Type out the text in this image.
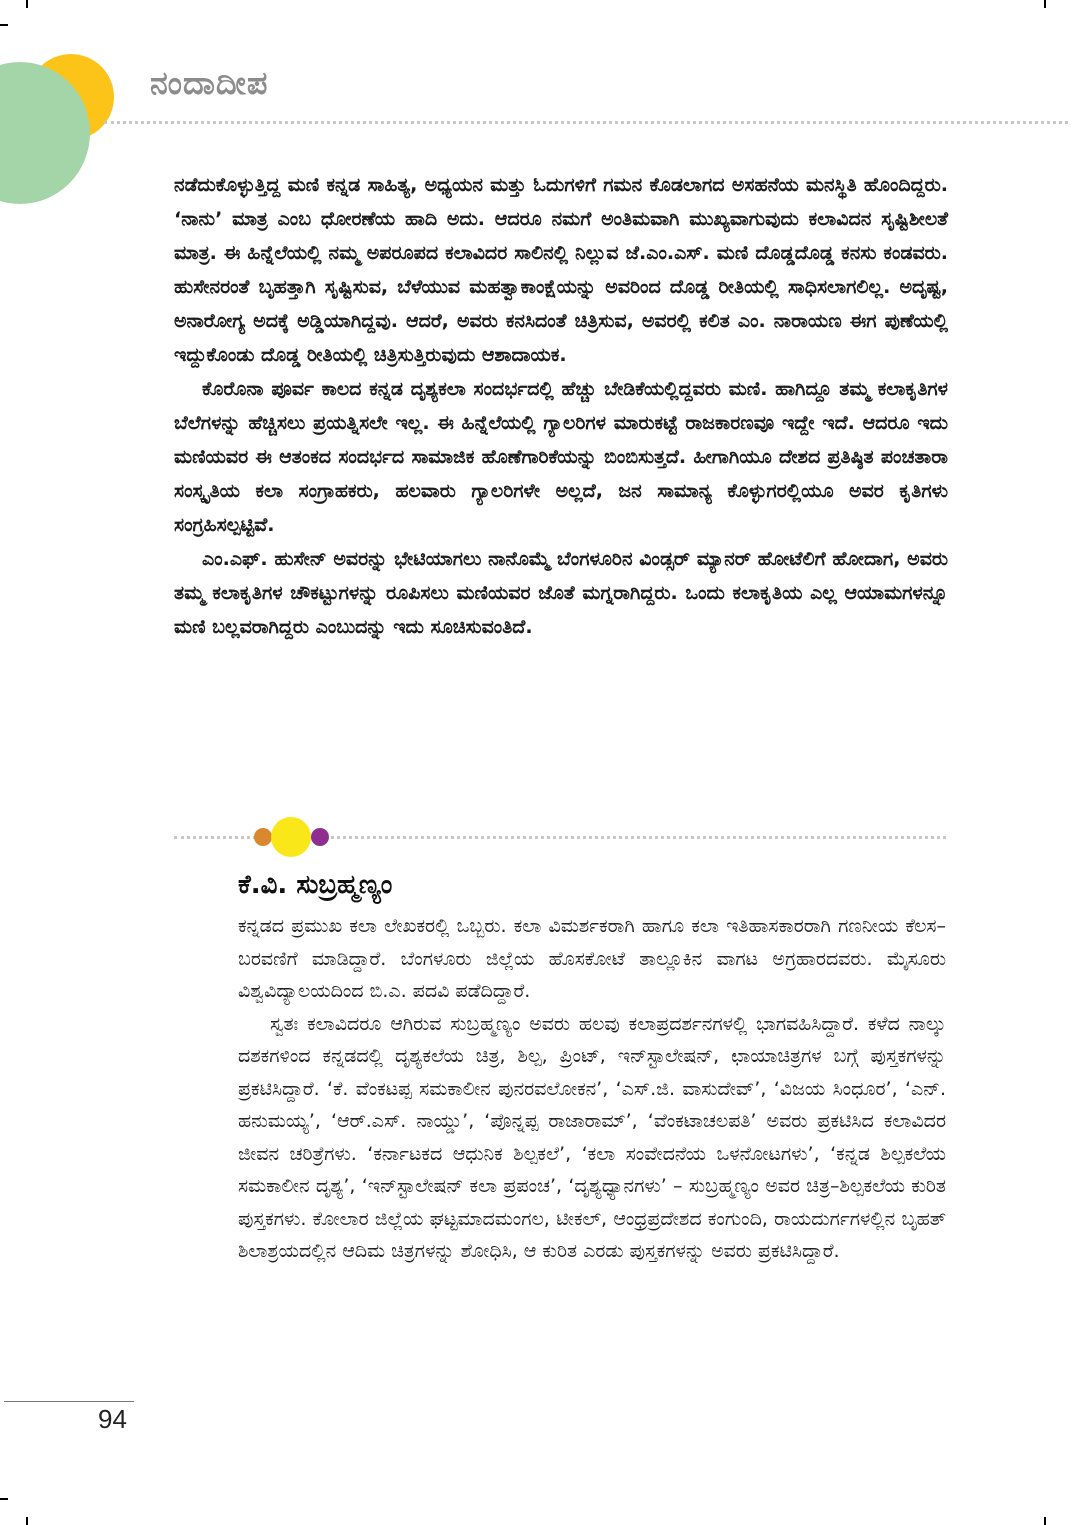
ನಂದಾದೀಪ

ನಡೆದುಕೊಳ್ಳುತ್ತಿದ್ದ ಮಣಿ ಕನ್ನಡ ಸಾಹಿತ್ಯ, ಅಧ್ಯಯನ ಮತ್ತು ಓದುಗಳಿಗೆ ಗಮನ ಕೊಡಲಾಗದ ಅಸಹನೆಯ ಮನಸ್ಥಿತಿ ಹೊಂದಿದ್ದರು. ‘ನಾನು’ ಮಾತ್ರ ಎಂಬ ಧೋರಣೆಯ ಹಾದಿ ಅದು. ಆದರೂ ನಮಗೆ ಅಂತಿಮವಾಗಿ ಮುಖ್ಯವಾಗುವುದು ಕಲಾವಿದನ ಸೃಷ್ಟಿಶೀಲತೆ ಮಾತ್ರ. ಈ ಹಿನ್ನೆಲೆಯಲ್ಲಿ ನಮ್ಮ ಅಪರೂಪದ ಕಲಾವಿದರ ಸಾಲಿನಲ್ಲಿ ನಿಲ್ಲುವ ಜೆ.ಎಂ.ಎಸ್. ಮಣಿ ದೊಡ್ಡದೊಡ್ಡ ಕನಸು ಕಂಡವರು. ಹುಸೇನರಂತೆ ಬೃಹತ್ತಾಗಿ ಸೃಷ್ಟಿಸುವ, ಬೆಳೆಯುವ ಮಹತ್ವಾಕಾಂಕ್ಷೆಯನ್ನು ಅವರಿಂದ ದೊಡ್ಡ ರೀತಿಯಲ್ಲಿ ಸಾಧಿಸಲಾಗಲಿಲ್ಲ. ಅದೃಷ್ಟ, ಅನಾರೋಗ್ಯ ಅದಕ್ಕೆ ಅಡ್ಡಿಯಾಗಿದ್ದವು. ಆದರೆ, ಅವರು ಕನಸಿದಂತೆ ಚಿತ್ರಿಸುವ, ಅವರಲ್ಲಿ ಕಲಿತ ಎಂ. ನಾರಾಯಣ ಈಗ ಪುಣೆಯಲ್ಲಿ ಇದ್ದುಕೊಂಡು ದೊಡ್ಡ ರೀತಿಯಲ್ಲಿ ಚಿತ್ರಿಸುತ್ತಿರುವುದು ಆಶಾದಾಯಕ.

ಕೊರೊನಾ ಪೂರ್ವ ಕಾಲದ ಕನ್ನಡ ದೃಶ್ಯಕಲಾ ಸಂದರ್ಭದಲ್ಲಿ ಹೆಚ್ಚು ಬೇಡಿಕೆಯಲ್ಲಿದ್ದವರು ಮಣಿ. ಹಾಗಿದ್ದೂ ತಮ್ಮ ಕಲಾಕೃತಿಗಳ ಬೆಲೆಗಳನ್ನು ಹೆಚ್ಚಿಸಲು ಪ್ರಯತ್ನಿಸಲೇ ಇಲ್ಲ. ಈ ಹಿನ್ನೆಲೆಯಲ್ಲಿ ಗ್ಯಾಲರಿಗಳ ಮಾರುಕಟ್ಟೆ ರಾಜಕಾರಣವೂ ಇದ್ದೇ ಇದೆ. ಆದರೂ ಇದು ಮಣಿಯವರ ಈ ಆತಂಕದ ಸಂದರ್ಭದ ಸಾಮಾಜಿಕ ಹೊಣೆಗಾರಿಕೆಯನ್ನು ಬಿಂಬಿಸುತ್ತದೆ. ಹೀಗಾಗಿಯೂ ದೇಶದ ಪ್ರತಿಷ್ಠಿತ ಪಂಚತಾರಾ ಸಂಸ್ಕೃತಿಯ ಕಲಾ ಸಂಗ್ರಾಹಕರು, ಹಲವಾರು ಗ್ಯಾಲರಿಗಳೇ ಅಲ್ಲದೆ, ಜನ ಸಾಮಾನ್ಯ ಕೊಳ್ಳುಗರಲ್ಲಿಯೂ ಅವರ ಕೃತಿಗಳು ಸಂಗ್ರಹಿಸಲ್ಪಟ್ಟಿವೆ.

ಎಂ.ಎಫ್. ಹುಸೇನ್ ಅವರನ್ನು ಭೇಟಿಯಾಗಲು ನಾನೊಮ್ಮೆ ಬೆಂಗಳೂರಿನ ವಿಂಡ್ಸರ್ ಮ್ಯಾನರ್ ಹೋಟೆಲಿಗೆ ಹೋದಾಗ, ಅವರು ತಮ್ಮ ಕಲಾಕೃತಿಗಳ ಚೌಕಟ್ಟುಗಳನ್ನು ರೂಪಿಸಲು ಮಣಿಯವರ ಜೊತೆ ಮಗ್ನರಾಗಿದ್ದರು. ಒಂದು ಕಲಾಕೃತಿಯ ಎಲ್ಲ ಆಯಾಮಗಳನ್ನೂ ಮಣಿ ಬಲ್ಲವರಾಗಿದ್ದರು ಎಂಬುದನ್ನು ಇದು ಸೂಚಿಸುವಂತಿದೆ.

ಕೆ.ವಿ. ಸುಬ್ರಹ್ಮಣ್ಯಂ

ಕನ್ನಡದ ಪ್ರಮುಖ ಕಲಾ ಲೇಖಕರಲ್ಲಿ ಒಬ್ಬರು. ಕಲಾ ವಿಮರ್ಶಕರಾಗಿ ಹಾಗೂ ಕಲಾ ಇತಿಹಾಸಕಾರರಾಗಿ ಗಣನೀಯ ಕೆಲಸ–ಬರವಣಿಗೆ ಮಾಡಿದ್ದಾರೆ. ಬೆಂಗಳೂರು ಜಿಲ್ಲೆಯ ಹೊಸಕೋಟೆ ತಾಲ್ಲೂಕಿನ ವಾಗಟ ಅಗ್ರಹಾರದವರು. ಮೈಸೂರು ವಿಶ್ವವಿದ್ಯಾಲಯದಿಂದ ಬಿ.ಎ. ಪದವಿ ಪಡೆದಿದ್ದಾರೆ.

ಸ್ವತಃ ಕಲಾವಿದರೂ ಆಗಿರುವ ಸುಬ್ರಹ್ಮಣ್ಯಂ ಅವರು ಹಲವು ಕಲಾಪ್ರದರ್ಶನಗಳಲ್ಲಿ ಭಾಗವಹಿಸಿದ್ದಾರೆ. ಕಳೆದ ನಾಲ್ಕು ದಶಕಗಳಿಂದ ಕನ್ನಡದಲ್ಲಿ ದೃಶ್ಯಕಲೆಯ ಚಿತ್ರ, ಶಿಲ್ಪ, ಪ್ರಿಂಟ್, ಇನ್‌ಸ್ಟಾಲೇಷನ್, ಛಾಯಾಚಿತ್ರಗಳ ಬಗ್ಗೆ ಪುಸ್ತಕಗಳನ್ನು ಪ್ರಕಟಿಸಿದ್ದಾರೆ. ‘ಕೆ. ವೆಂಕಟಪ್ಪ ಸಮಕಾಲೀನ ಪುನರವಲೋಕನ’, ‘ಎಸ್.ಜಿ. ವಾಸುದೇವ್’, ‘ವಿಜಯ ಸಿಂಧೂರ’, ‘ಎನ್. ಹನುಮಯ್ಯ’, ‘ಆರ್.ಎಸ್. ನಾಯ್ಡು’, ‘ಪೊನ್ನಪ್ಪ ರಾಜಾರಾಮ್’, ‘ವೆಂಕಟಾಚಲಪತಿ’ ಅವರು ಪ್ರಕಟಿಸಿದ ಕಲಾವಿದರ ಜೀವನ ಚರಿತ್ರೆಗಳು. ‘ಕರ್ನಾಟಕದ ಆಧುನಿಕ ಶಿಲ್ಪಕಲೆ’, ‘ಕಲಾ ಸಂವೇದನೆಯ ಒಳನೋಟಗಳು’, ‘ಕನ್ನಡ ಶಿಲ್ಪಕಲೆಯ ಸಮಕಾಲೀನ ದೃಶ್ಯ’, ‘ಇನ್‌ಸ್ಟಾಲೇಷನ್ ಕಲಾ ಪ್ರಪಂಚ’, ‘ದೃಶ್ಯಧ್ಯಾನಗಳು’ – ಸುಬ್ರಹ್ಮಣ್ಯಂ ಅವರ ಚಿತ್ರ–ಶಿಲ್ಪಕಲೆಯ ಕುರಿತ ಪುಸ್ತಕಗಳು. ಕೋಲಾರ ಜಿಲ್ಲೆಯ ಘಟ್ಟಮಾದಮಂಗಲ, ಟೀಕಲ್, ಆಂಧ್ರಪ್ರದೇಶದ ಕಂಗುಂದಿ, ರಾಯದುರ್ಗಗಳಲ್ಲಿನ ಬೃಹತ್ ಶಿಲಾಶ್ರಯದಲ್ಲಿನ ಆದಿಮ ಚಿತ್ರಗಳನ್ನು ಶೋಧಿಸಿ, ಆ ಕುರಿತ ಎರಡು ಪುಸ್ತಕಗಳನ್ನು ಅವರು ಪ್ರಕಟಿಸಿದ್ದಾರೆ.

94
